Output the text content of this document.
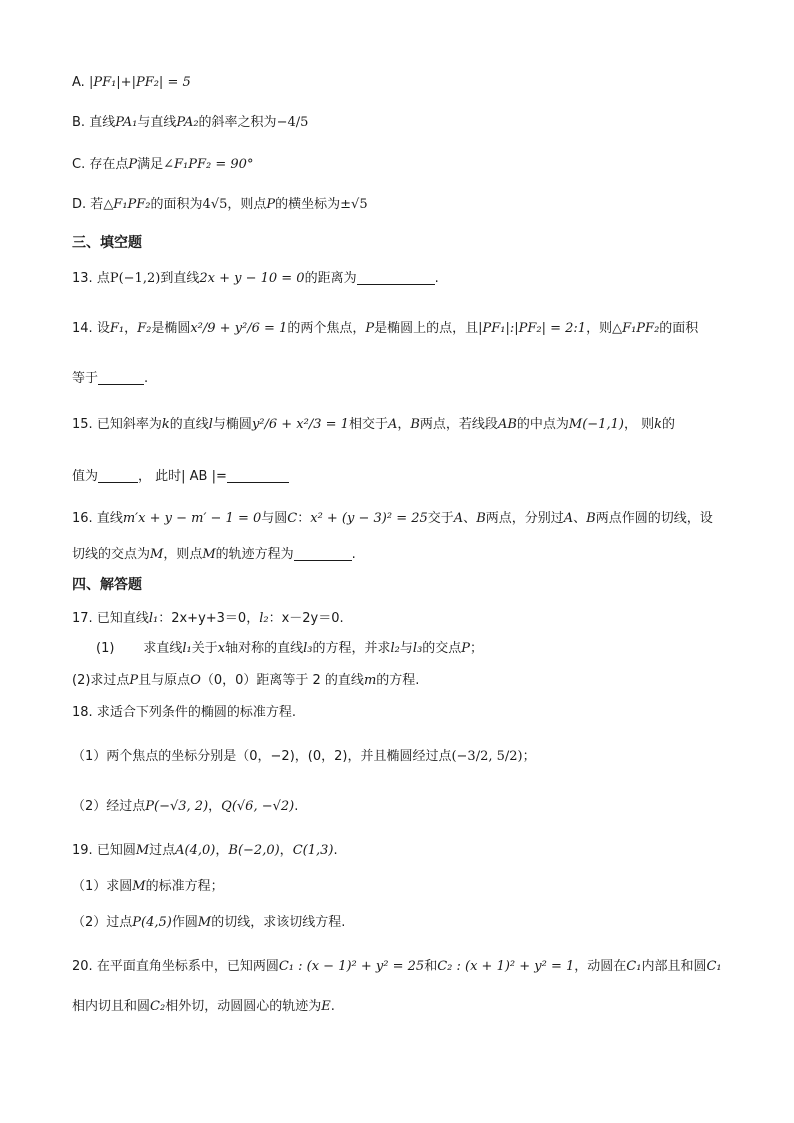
A. |PF₁|+|PF₂| = 5
B. 直线PA₁与直线PA₂的斜率之积为−4/5
C. 存在点P满足∠F₁PF₂ = 90°
D. 若△F₁PF₂的面积为4√5，则点P的横坐标为±√5
三、填空题
13. 点P(−1,2)到直线2x + y − 10 = 0的距离为	.
14. 设F₁，F₂是椭圆x²/9 + y²/6 = 1的两个焦点，P是椭圆上的点，且|PF₁|:|PF₂| = 2:1，则△F₁PF₂的面积
等于	.
15. 已知斜率为k的直线l与椭圆y²/6 + x²/3 = 1相交于A，B两点，若线段AB的中点为M(−1,1)， 则k的
值为	， 此时| AB |=
16. 直线m′x + y − m′ − 1 = 0与圆C：x² + (y − 3)² = 25交于A、B两点，分别过A、B两点作圆的切线，设
切线的交点为M，则点M的轨迹方程为	.
四、解答题
17. 已知直线l₁：2x+y+3＝0，l₂：x－2y＝0.
(1) 求直线l₁关于x轴对称的直线l₃的方程，并求l₂与l₃的交点P；
(2)求过点P且与原点O（0，0）距离等于 2 的直线m的方程.
18. 求适合下列条件的椭圆的标准方程.
（1）两个焦点的坐标分别是（0，−2)，(0，2)，并且椭圆经过点(−3/2, 5/2)；
（2）经过点P(−√3, 2)，Q(√6, −√2).
19. 已知圆M过点A(4,0)，B(−2,0)，C(1,3).
（1）求圆M的标准方程；
（2）过点P(4,5)作圆M的切线，求该切线方程.
20. 在平面直角坐标系中，已知两圆C₁ : (x − 1)² + y² = 25和C₂ : (x + 1)² + y² = 1，动圆在C₁内部且和圆C₁
相内切且和圆C₂相外切，动圆圆心的轨迹为E.
